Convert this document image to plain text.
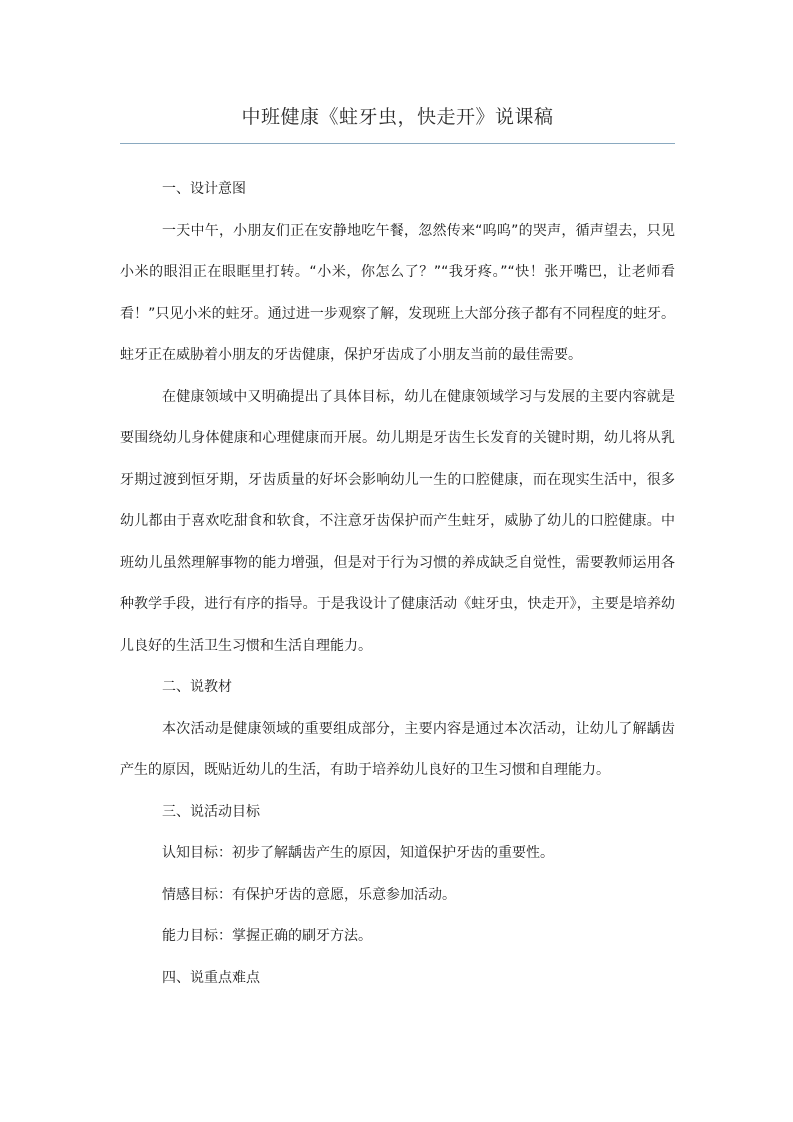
中班健康《蛀牙虫，快走开》说课稿

一、设计意图

一天中午，小朋友们正在安静地吃午餐，忽然传来“呜呜”的哭声，循声望去，只见小米的眼泪正在眼眶里打转。“小米，你怎么了？”“我牙疼。”“快！张开嘴巴，让老师看看！”只见小米的蛀牙。通过进一步观察了解，发现班上大部分孩子都有不同程度的蛀牙。蛀牙正在威胁着小朋友的牙齿健康，保护牙齿成了小朋友当前的最佳需要。

在健康领域中又明确提出了具体目标，幼儿在健康领域学习与发展的主要内容就是要围绕幼儿身体健康和心理健康而开展。幼儿期是牙齿生长发育的关键时期，幼儿将从乳牙期过渡到恒牙期，牙齿质量的好坏会影响幼儿一生的口腔健康，而在现实生活中，很多幼儿都由于喜欢吃甜食和软食，不注意牙齿保护而产生蛀牙，威胁了幼儿的口腔健康。中班幼儿虽然理解事物的能力增强，但是对于行为习惯的养成缺乏自觉性，需要教师运用各种教学手段，进行有序的指导。于是我设计了健康活动《蛀牙虫，快走开》，主要是培养幼儿良好的生活卫生习惯和生活自理能力。

二、说教材

本次活动是健康领域的重要组成部分，主要内容是通过本次活动，让幼儿了解龋齿产生的原因，既贴近幼儿的生活，有助于培养幼儿良好的卫生习惯和自理能力。

三、说活动目标

认知目标：初步了解龋齿产生的原因，知道保护牙齿的重要性。

情感目标：有保护牙齿的意愿，乐意参加活动。

能力目标：掌握正确的刷牙方法。

四、说重点难点
